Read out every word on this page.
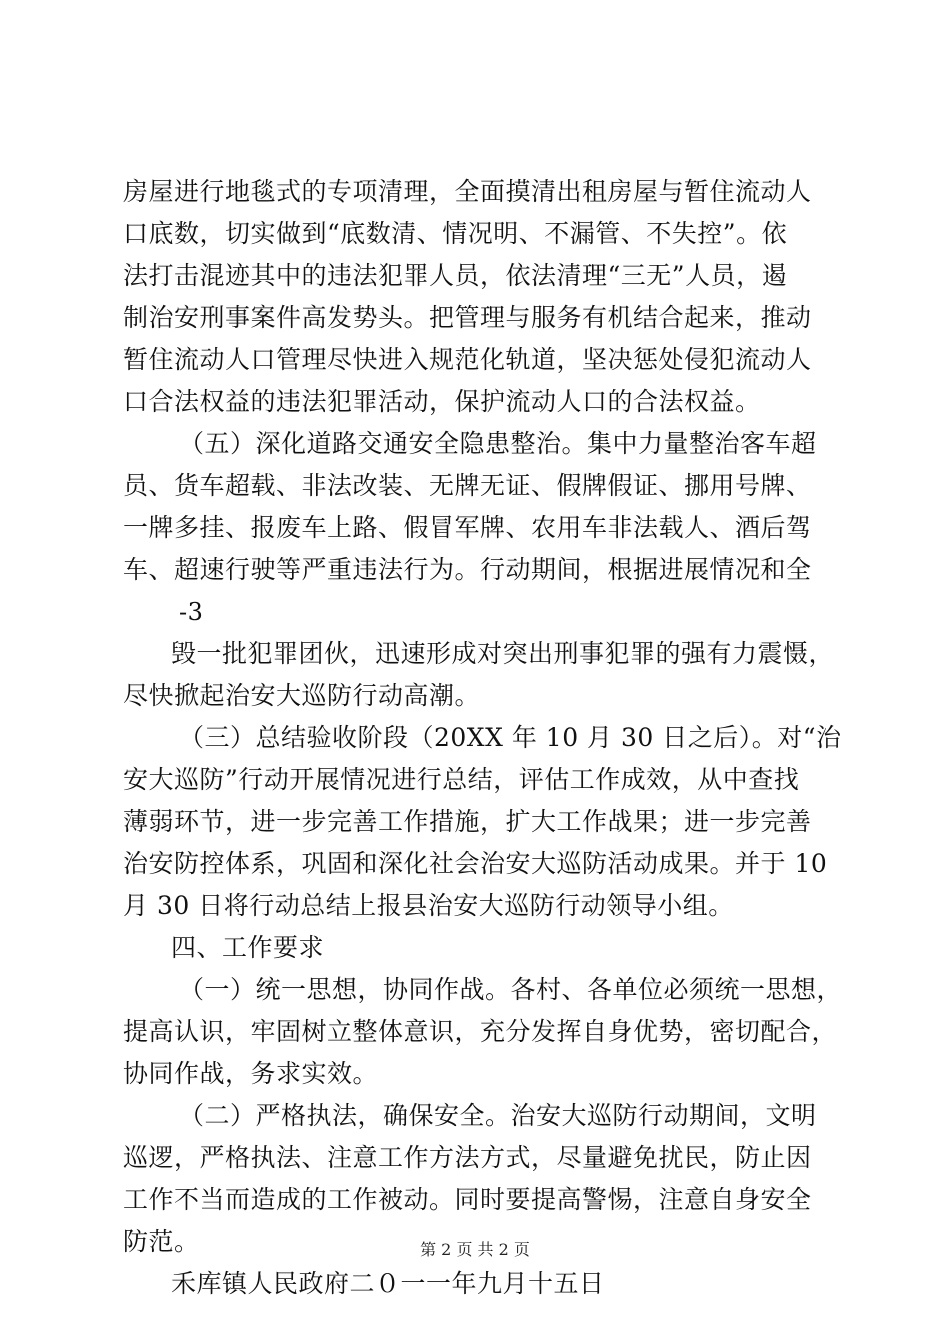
房屋进行地毯式的专项清理，全面摸清出租房屋与暂住流动人
口底数，切实做到“底数清、情况明、不漏管、不失控”。依
法打击混迹其中的违法犯罪人员，依法清理“三无”人员，遏
制治安刑事案件高发势头。把管理与服务有机结合起来，推动
暂住流动人口管理尽快进入规范化轨道，坚决惩处侵犯流动人
口合法权益的违法犯罪活动，保护流动人口的合法权益。
（五）深化道路交通安全隐患整治。集中力量整治客车超
员、货车超载、非法改装、无牌无证、假牌假证、挪用号牌、
一牌多挂、报废车上路、假冒军牌、农用车非法载人、酒后驾
车、超速行驶等严重违法行为。行动期间，根据进展情况和全
-3
毁一批犯罪团伙，迅速形成对突出刑事犯罪的强有力震慑，
尽快掀起治安大巡防行动高潮。
（三）总结验收阶段（20XX 年 10 月 30 日之后）。对“治
安大巡防”行动开展情况进行总结，评估工作成效，从中查找
薄弱环节，进一步完善工作措施，扩大工作战果；进一步完善
治安防控体系，巩固和深化社会治安大巡防活动成果。并于 10
月 30 日将行动总结上报县治安大巡防行动领导小组。
四、工作要求
（一）统一思想，协同作战。各村、各单位必须统一思想，
提高认识，牢固树立整体意识，充分发挥自身优势，密切配合，
协同作战，务求实效。
（二）严格执法，确保安全。治安大巡防行动期间，文明
巡逻，严格执法、注意工作方法方式，尽量避免扰民，防止因
工作不当而造成的工作被动。同时要提高警惕，注意自身安全
防范。
禾库镇人民政府二０一一年九月十五日
第 2 页 共 2 页
